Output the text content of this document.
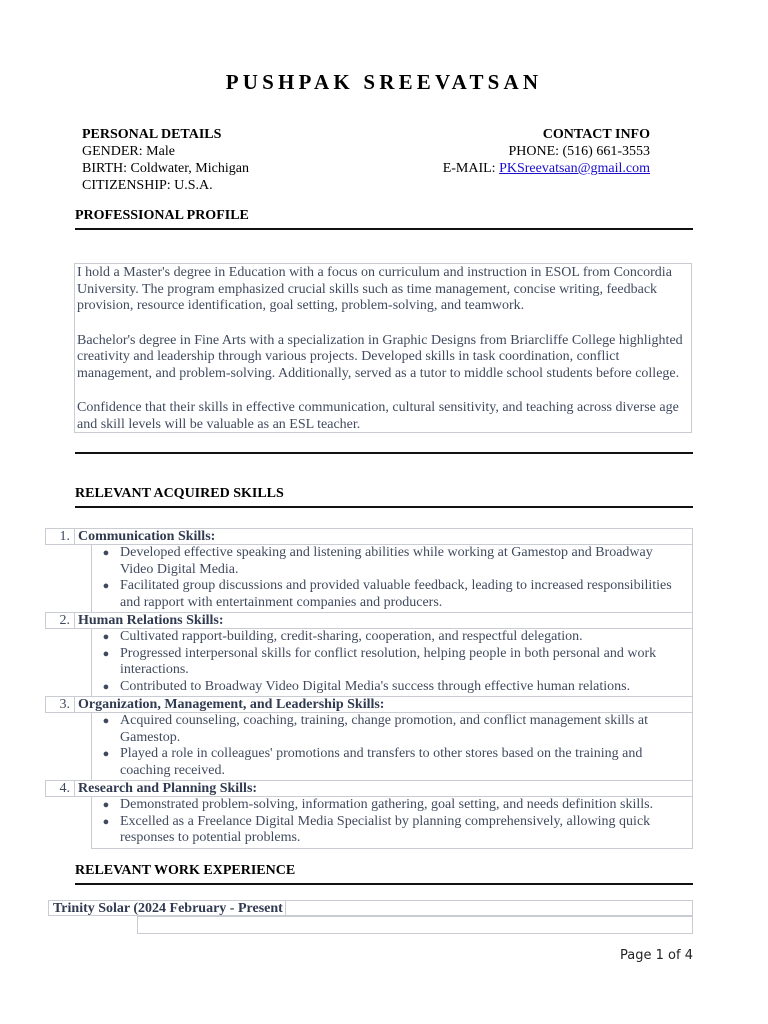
PUSHPAK SREEVATSAN
PERSONAL DETAILS
GENDER: Male
BIRTH: Coldwater, Michigan
CITIZENSHIP: U.S.A.
CONTACT INFO
PHONE: (516) 661-3553
E-MAIL: PKSreevatsan@gmail.com
PROFESSIONAL PROFILE

I hold a Master's degree in Education with a focus on curriculum and instruction in ESOL from Concordia University. The program emphasized crucial skills such as time management, concise writing, feedback provision, resource identification, goal setting, problem-solving, and teamwork.

Bachelor's degree in Fine Arts with a specialization in Graphic Designs from Briarcliffe College highlighted creativity and leadership through various projects. Developed skills in task coordination, conflict management, and problem-solving. Additionally, served as a tutor to middle school students before college.

Confidence that their skills in effective communication, cultural sensitivity, and teaching across diverse age and skill levels will be valuable as an ESL teacher.

RELEVANT ACQUIRED SKILLS
1. Communication Skills:
● Developed effective speaking and listening abilities while working at Gamestop and Broadway Video Digital Media.
● Facilitated group discussions and provided valuable feedback, leading to increased responsibilities and rapport with entertainment companies and producers.
2. Human Relations Skills:
● Cultivated rapport-building, credit-sharing, cooperation, and respectful delegation.
● Progressed interpersonal skills for conflict resolution, helping people in both personal and work interactions.
● Contributed to Broadway Video Digital Media's success through effective human relations.
3. Organization, Management, and Leadership Skills:
● Acquired counseling, coaching, training, change promotion, and conflict management skills at Gamestop.
● Played a role in colleagues' promotions and transfers to other stores based on the training and coaching received.
4. Research and Planning Skills:
● Demonstrated problem-solving, information gathering, goal setting, and needs definition skills.
● Excelled as a Freelance Digital Media Specialist by planning comprehensively, allowing quick responses to potential problems.
RELEVANT WORK EXPERIENCE
Trinity Solar (2024 February - Present
Page 1 of 4
